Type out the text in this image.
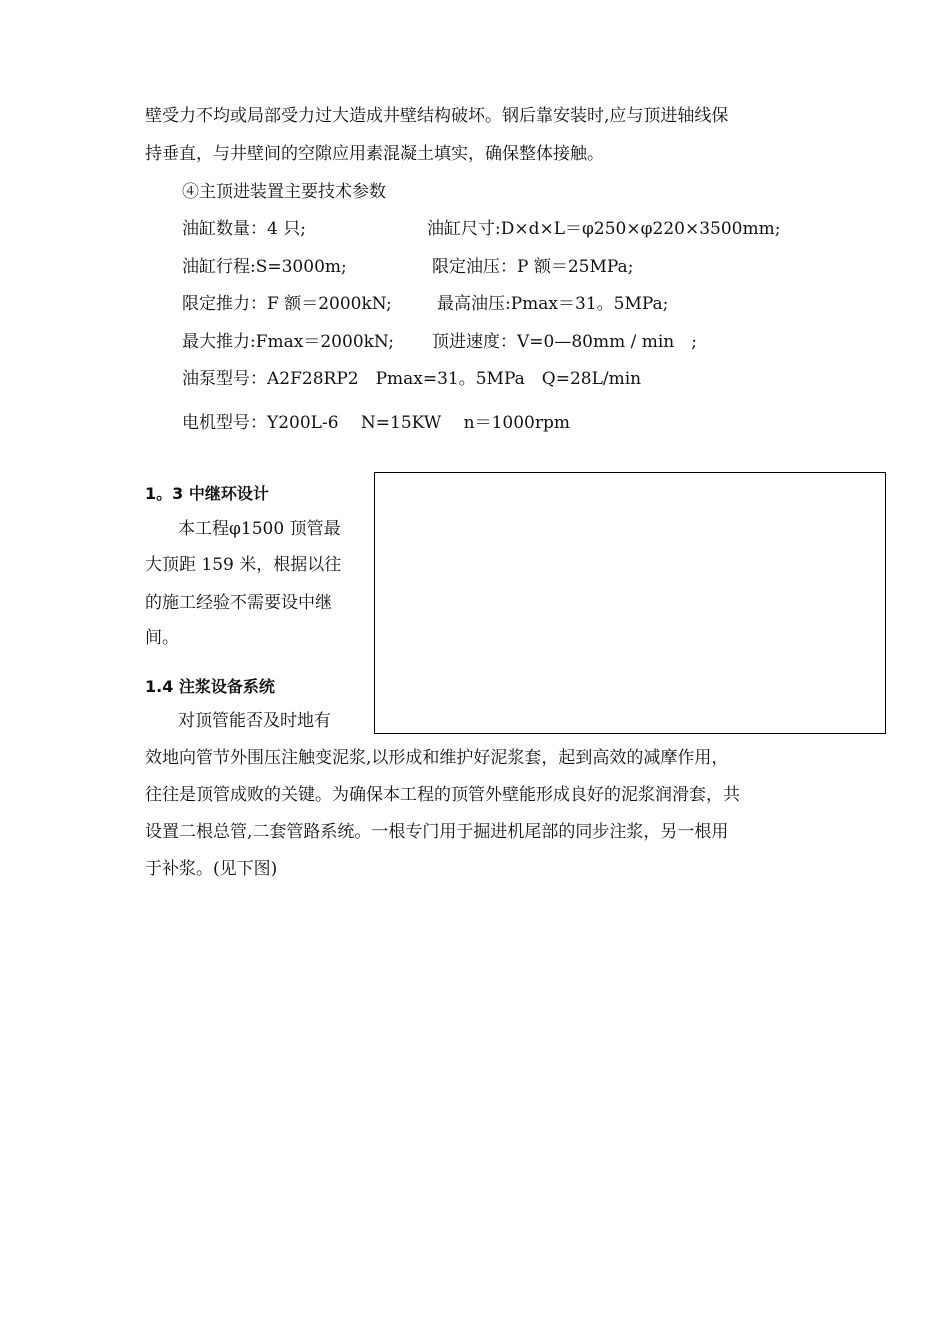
壁受力不均或局部受力过大造成井壁结构破坏。钢后靠安装时,应与顶进轴线保
持垂直，与井壁间的空隙应用素混凝土填实，确保整体接触。
④主顶进装置主要技术参数
油缸数量：4 只;	油缸尺寸:D×d×L＝φ250×φ220×3500mm;
油缸行程:S=3000m;	限定油压：P 额＝25MPa;
限定推力：F 额＝2000kN;	最高油压:Pmax＝31。5MPa;
最大推力:Fmax＝2000kN; 顶进速度：V=0—80mm / min　;
油泵型号：A2F28RP2　Pmax=31。5MPa　Q=28L/min
电机型号：Y200L-6　 N=15KW　 n＝1000rpm
1。3 中继环设计
本工程φ1500 顶管最
大顶距 159 米，根据以往
的施工经验不需要设中继
间。
1.4 注浆设备系统
对顶管能否及时地有
效地向管节外围压注触变泥浆,以形成和维护好泥浆套，起到高效的减摩作用，
往往是顶管成败的关键。为确保本工程的顶管外壁能形成良好的泥浆润滑套，共
设置二根总管,二套管路系统。一根专门用于掘进机尾部的同步注浆，另一根用
于补浆。(见下图)
